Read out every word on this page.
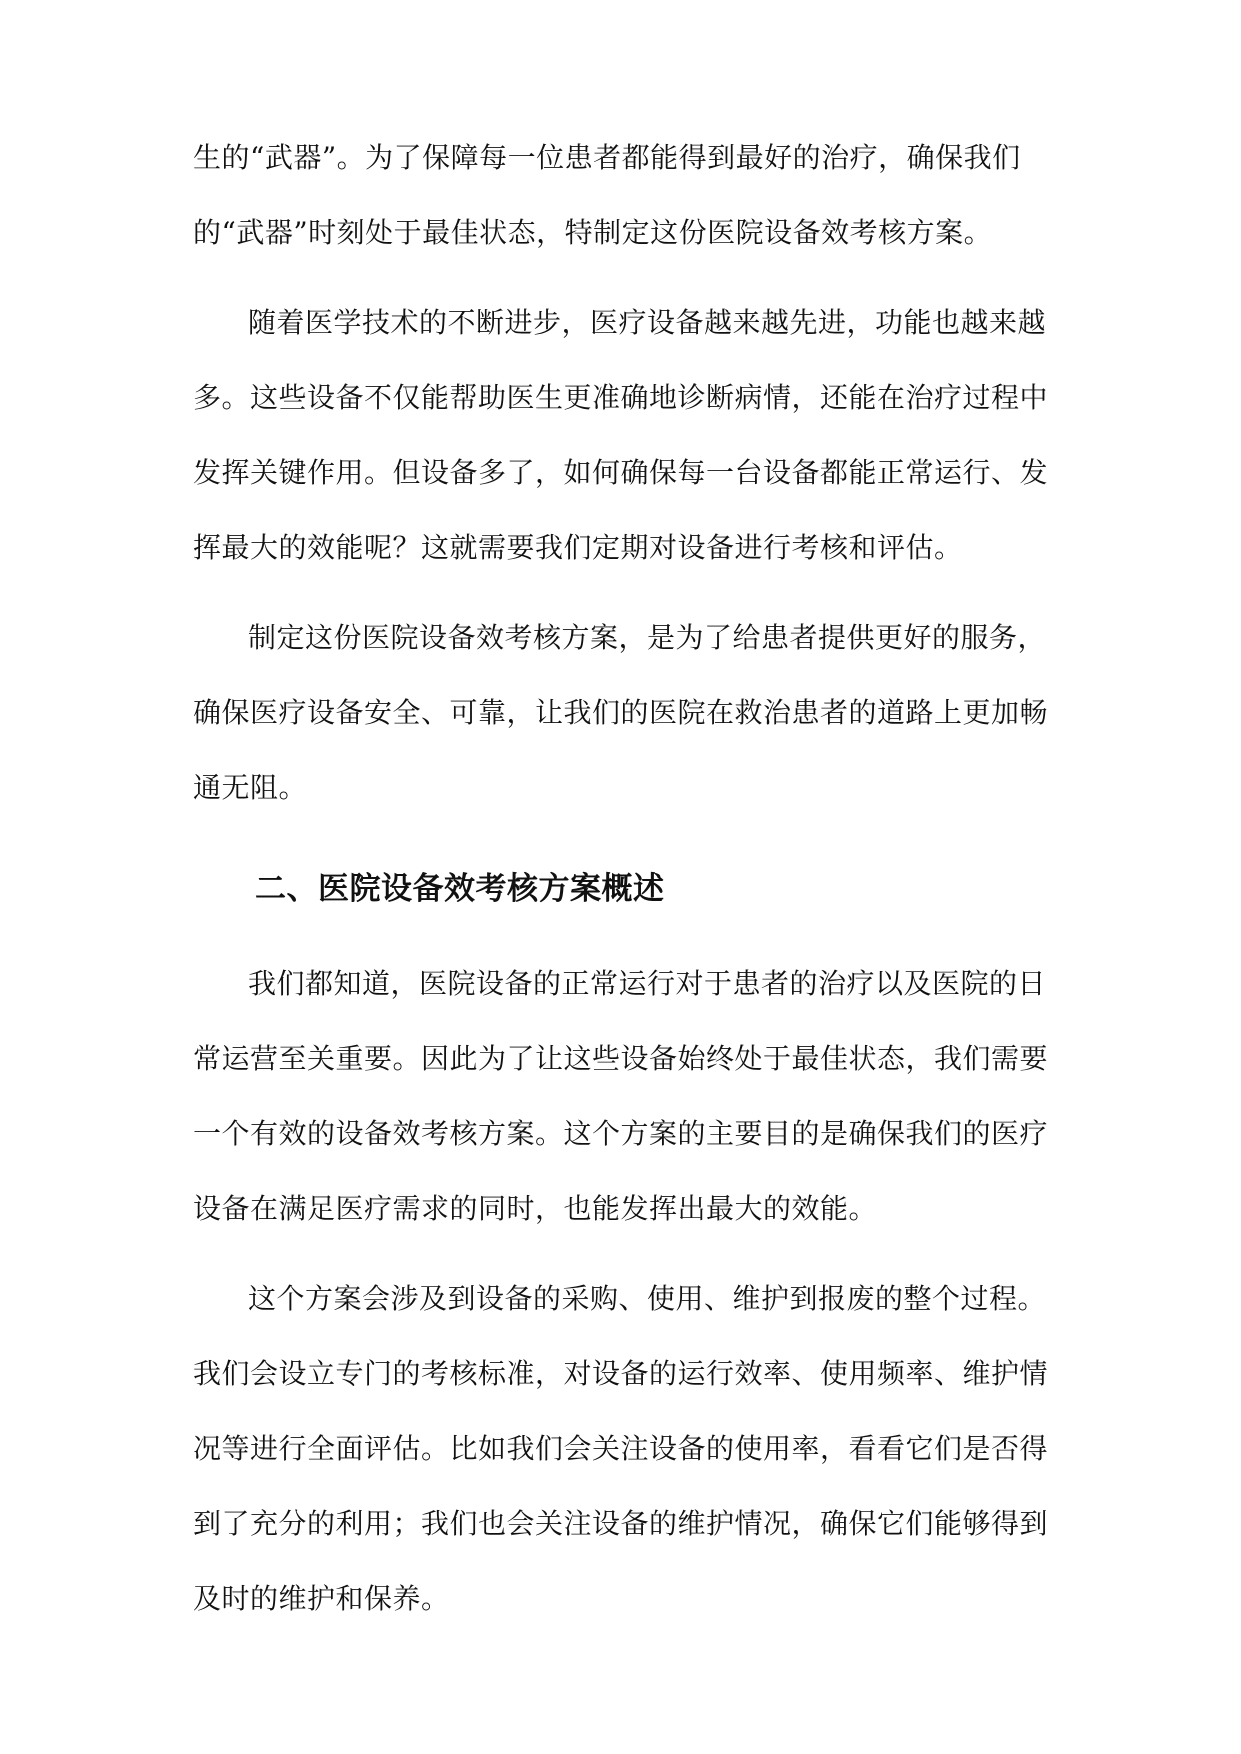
生的“武器”。为了保障每一位患者都能得到最好的治疗，确保我们
的“武器”时刻处于最佳状态，特制定这份医院设备效考核方案。
随着医学技术的不断进步，医疗设备越来越先进，功能也越来越
多。这些设备不仅能帮助医生更准确地诊断病情，还能在治疗过程中
发挥关键作用。但设备多了，如何确保每一台设备都能正常运行、发
挥最大的效能呢？这就需要我们定期对设备进行考核和评估。
制定这份医院设备效考核方案，是为了给患者提供更好的服务，
确保医疗设备安全、可靠，让我们的医院在救治患者的道路上更加畅
通无阻。
二、医院设备效考核方案概述
我们都知道，医院设备的正常运行对于患者的治疗以及医院的日
常运营至关重要。因此为了让这些设备始终处于最佳状态，我们需要
一个有效的设备效考核方案。这个方案的主要目的是确保我们的医疗
设备在满足医疗需求的同时，也能发挥出最大的效能。
这个方案会涉及到设备的采购、使用、维护到报废的整个过程。
我们会设立专门的考核标准，对设备的运行效率、使用频率、维护情
况等进行全面评估。比如我们会关注设备的使用率，看看它们是否得
到了充分的利用；我们也会关注设备的维护情况，确保它们能够得到
及时的维护和保养。
